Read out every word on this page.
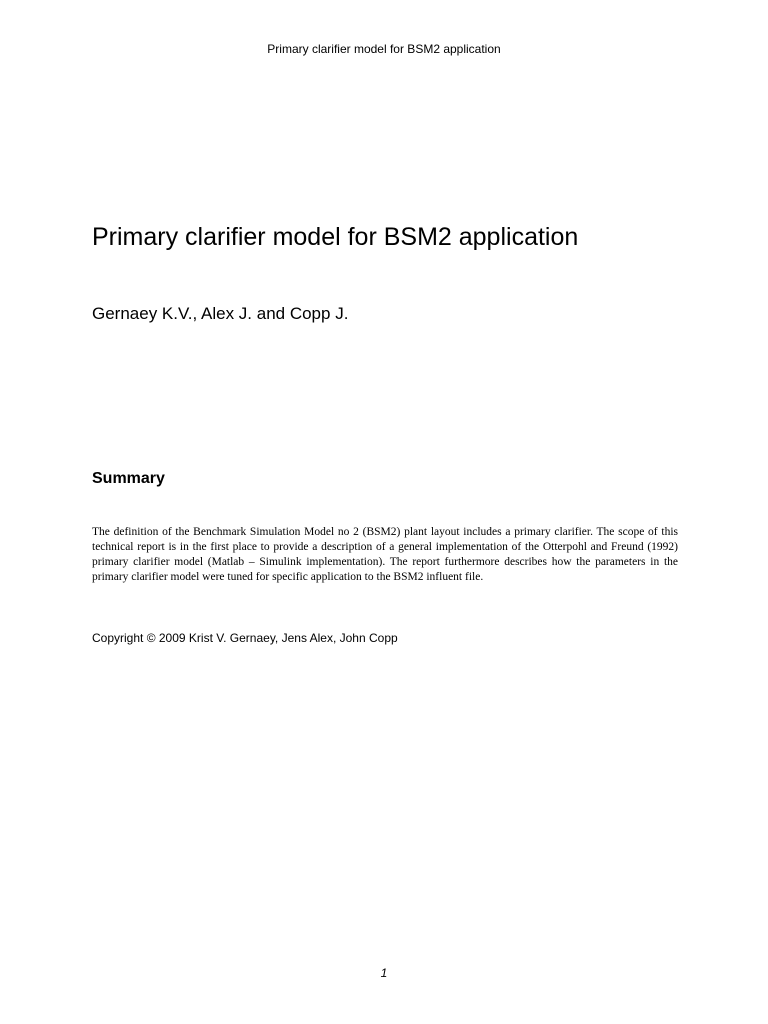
Primary clarifier model for BSM2 application
Primary clarifier model for BSM2 application

Gernaey K.V., Alex J. and Copp J.

Summary

The definition of the Benchmark Simulation Model no 2 (BSM2) plant layout includes a primary clarifier. The scope of this technical report is in the first place to provide a description of a general implementation of the Otterpohl and Freund (1992) primary clarifier model (Matlab – Simulink implementation). The report furthermore describes how the parameters in the primary clarifier model were tuned for specific application to the BSM2 influent file.

Copyright © 2009 Krist V. Gernaey, Jens Alex, John Copp

1
